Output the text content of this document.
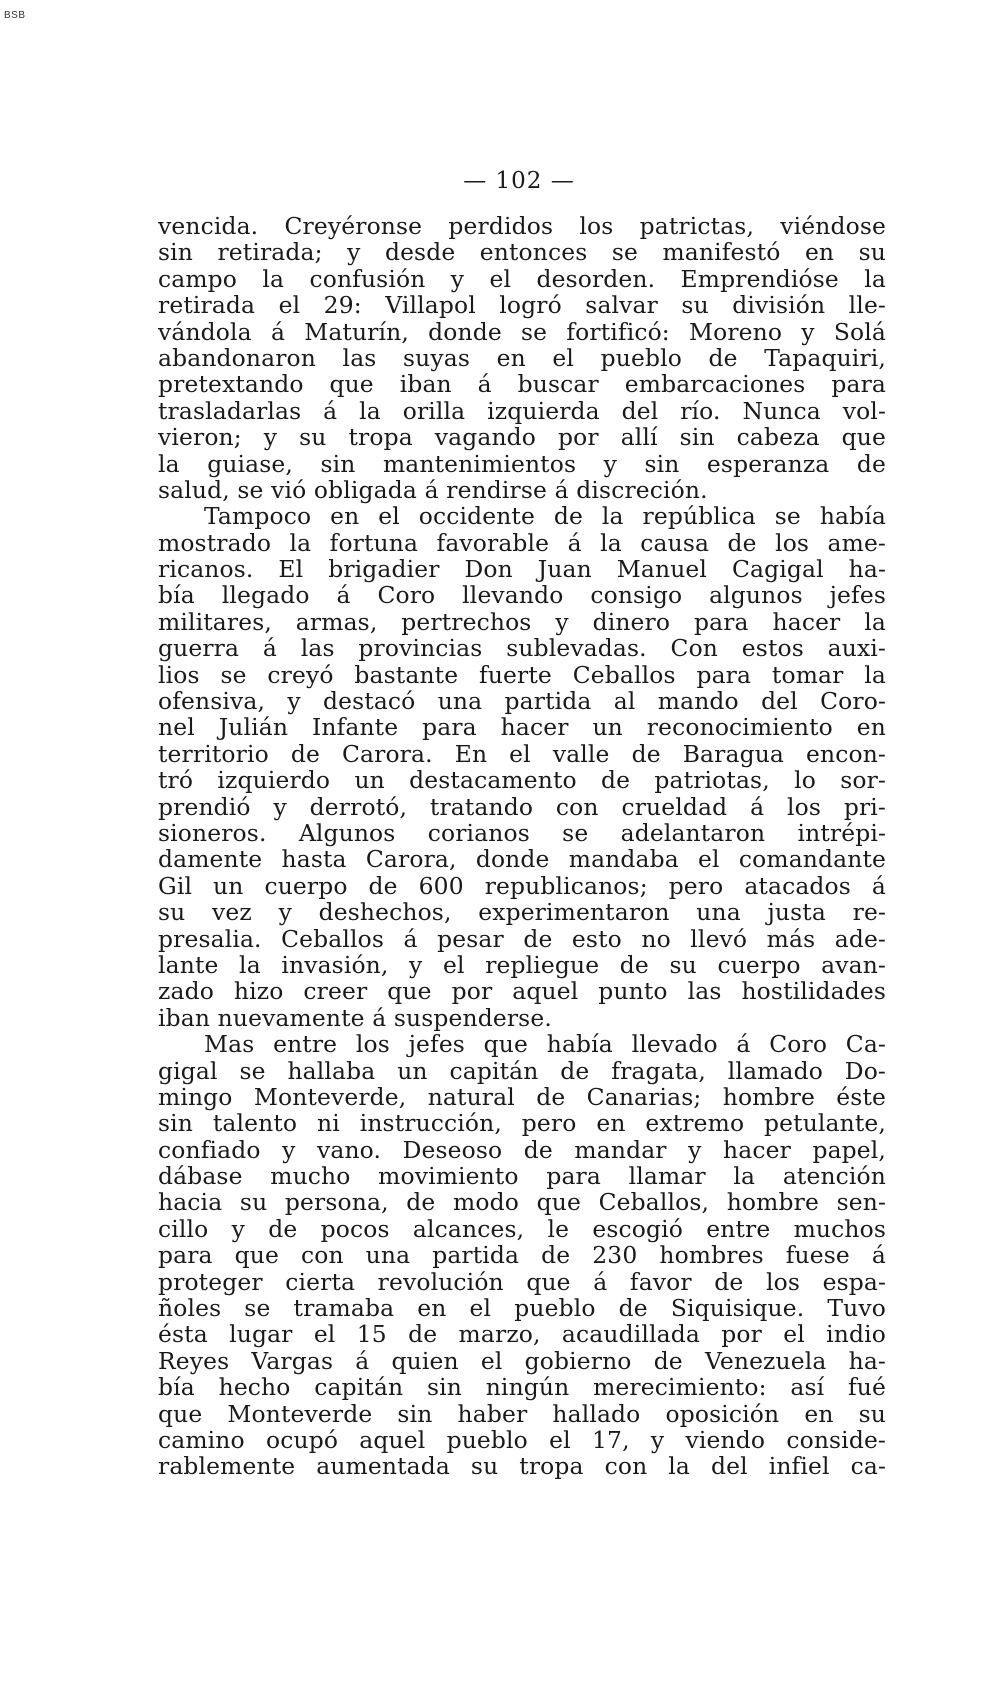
BSB
— 102 —
vencida. Creyéronse perdidos los patrictas, viéndose
sin retirada; y desde entonces se manifestó en su
campo la confusión y el desorden. Emprendióse la
retirada el 29: Villapol logró salvar su división lle-
vándola á Maturín, donde se fortificó: Moreno y Solá
abandonaron las suyas en el pueblo de Tapaquiri,
pretextando que iban á buscar embarcaciones para
trasladarlas á la orilla izquierda del río. Nunca vol-
vieron; y su tropa vagando por allí sin cabeza que
la guiase, sin mantenimientos y sin esperanza de
salud, se vió obligada á rendirse á discreción.
Tampoco en el occidente de la república se había
mostrado la fortuna favorable á la causa de los ame-
ricanos. El brigadier Don Juan Manuel Cagigal ha-
bía llegado á Coro llevando consigo algunos jefes
militares, armas, pertrechos y dinero para hacer la
guerra á las provincias sublevadas. Con estos auxi-
lios se creyó bastante fuerte Ceballos para tomar la
ofensiva, y destacó una partida al mando del Coro-
nel Julián Infante para hacer un reconocimiento en
territorio de Carora. En el valle de Baragua encon-
tró izquierdo un destacamento de patriotas, lo sor-
prendió y derrotó, tratando con crueldad á los pri-
sioneros. Algunos corianos se adelantaron intrépi-
damente hasta Carora, donde mandaba el comandante
Gil un cuerpo de 600 republicanos; pero atacados á
su vez y deshechos, experimentaron una justa re-
presalia. Ceballos á pesar de esto no llevó más ade-
lante la invasión, y el repliegue de su cuerpo avan-
zado hizo creer que por aquel punto las hostilidades
iban nuevamente á suspenderse.
Mas entre los jefes que había llevado á Coro Ca-
gigal se hallaba un capitán de fragata, llamado Do-
mingo Monteverde, natural de Canarias; hombre éste
sin talento ni instrucción, pero en extremo petulante,
confiado y vano. Deseoso de mandar y hacer papel,
dábase mucho movimiento para llamar la atención
hacia su persona, de modo que Ceballos, hombre sen-
cillo y de pocos alcances, le escogió entre muchos
para que con una partida de 230 hombres fuese á
proteger cierta revolución que á favor de los espa-
ñoles se tramaba en el pueblo de Siquisique. Tuvo
ésta lugar el 15 de marzo, acaudillada por el indio
Reyes Vargas á quien el gobierno de Venezuela ha-
bía hecho capitán sin ningún merecimiento: así fué
que Monteverde sin haber hallado oposición en su
camino ocupó aquel pueblo el 17, y viendo conside-
rablemente aumentada su tropa con la del infiel ca-
